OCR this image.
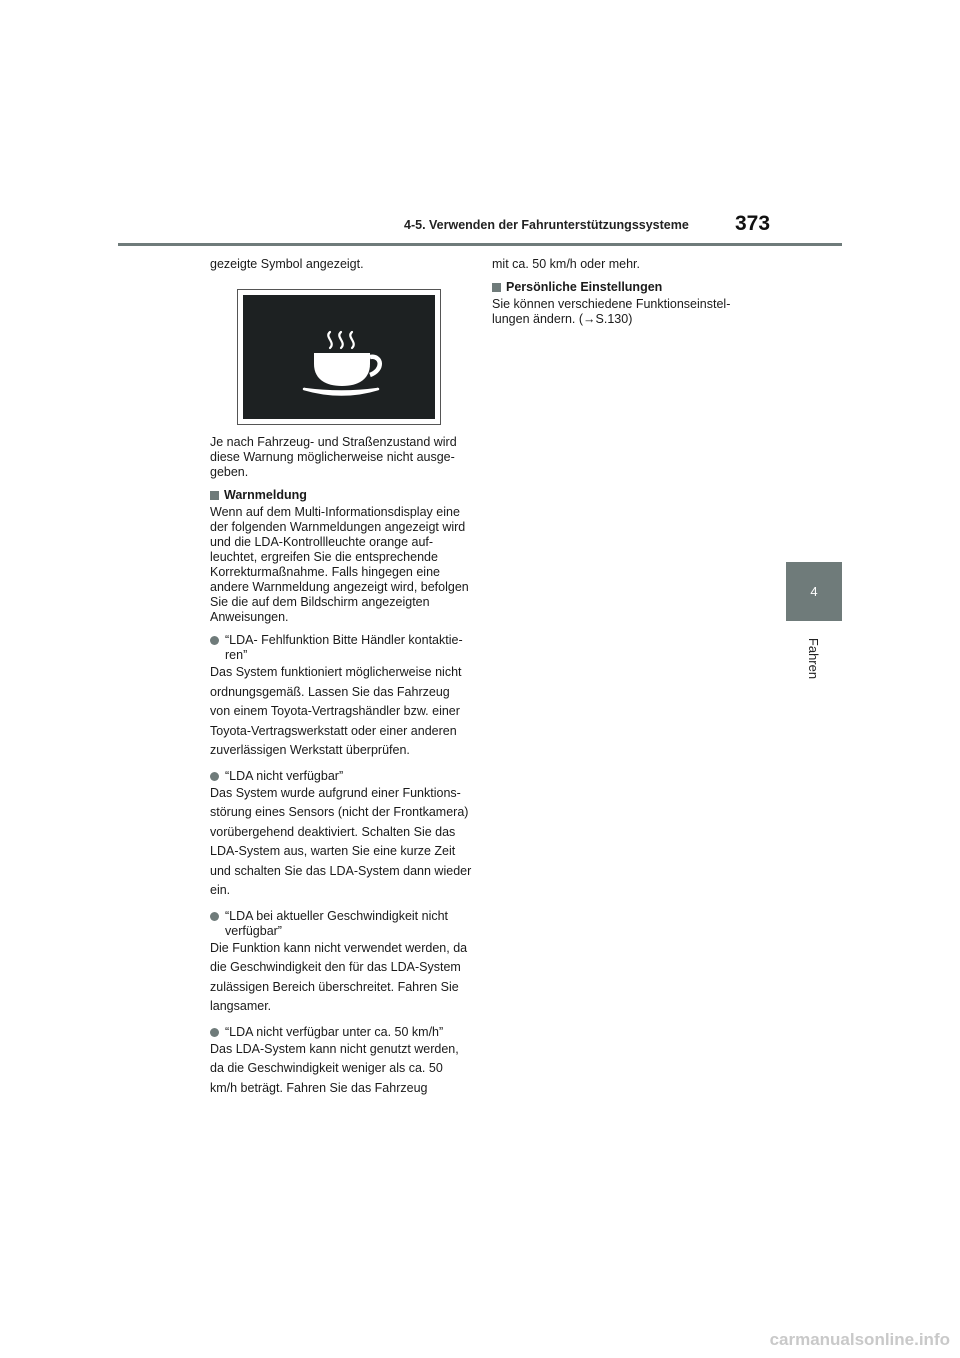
4-5. Verwenden der Fahrunterstützungssysteme 373
4
Fahren

gezeigte Symbol angezeigt.

Je nach Fahrzeug- und Straßenzustand wird diese Warnung möglicherweise nicht ausgegeben.

Warnmeldung

Wenn auf dem Multi-Informationsdisplay eine der folgenden Warnmeldungen angezeigt wird und die LDA-Kontrollleuchte orange aufleuchtet, ergreifen Sie die entsprechende Korrekturmaßnahme. Falls hingegen eine andere Warnmeldung angezeigt wird, befolgen Sie die auf dem Bildschirm angezeigten Anweisungen.

“LDA- Fehlfunktion Bitte Händler kontaktieren”

Das System funktioniert möglicherweise nicht ordnungsgemäß. Lassen Sie das Fahrzeug von einem Toyota-Vertragshändler bzw. einer Toyota-Vertragswerkstatt oder einer anderen zuverlässigen Werkstatt überprüfen.

“LDA nicht verfügbar”

Das System wurde aufgrund einer Funktionsstörung eines Sensors (nicht der Frontkamera) vorübergehend deaktiviert. Schalten Sie das LDA-System aus, warten Sie eine kurze Zeit und schalten Sie das LDA-System dann wieder ein.

“LDA bei aktueller Geschwindigkeit nicht verfügbar”

Die Funktion kann nicht verwendet werden, da die Geschwindigkeit den für das LDA-System zulässigen Bereich überschreitet. Fahren Sie langsamer.

“LDA nicht verfügbar unter ca. 50 km/h”

Das LDA-System kann nicht genutzt werden, da die Geschwindigkeit weniger als ca. 50 km/h beträgt. Fahren Sie das Fahrzeug

mit ca. 50 km/h oder mehr.

Persönliche Einstellungen

Sie können verschiedene Funktionseinstellungen ändern. (→S.130)

carmanualsonline.info
